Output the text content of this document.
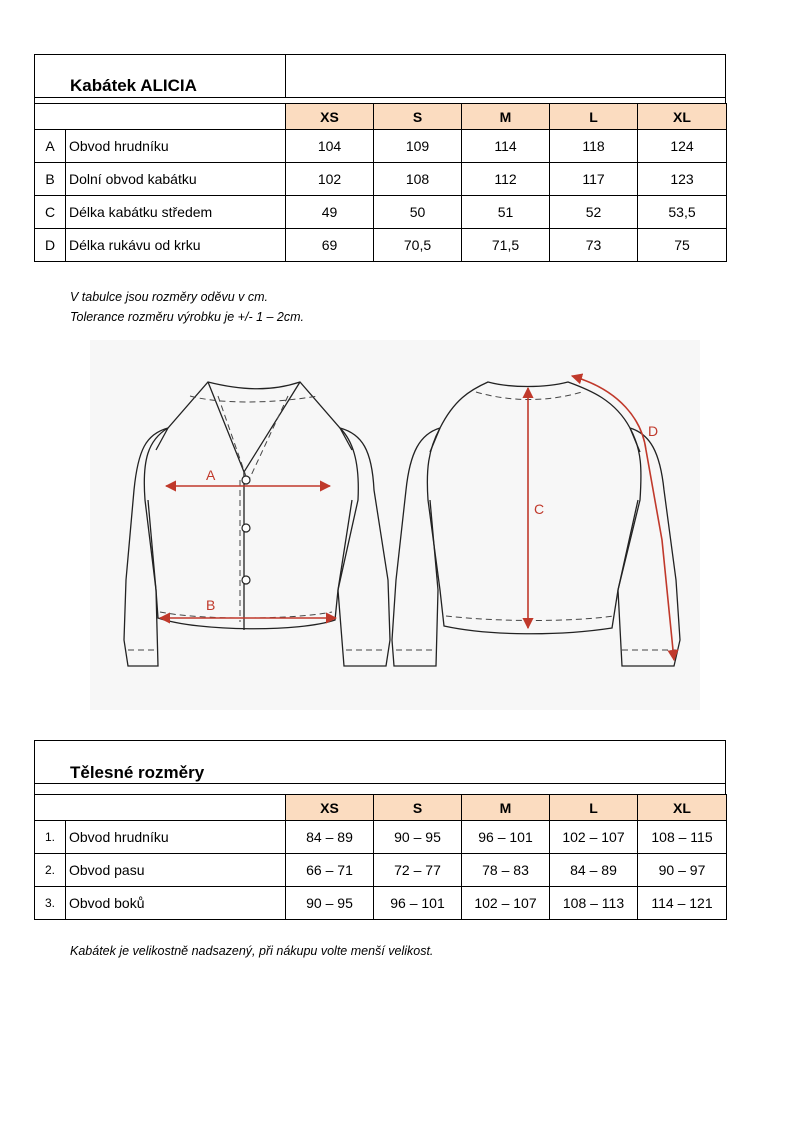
Kabátek ALICIA
		XS	S	M	L	XL
A	Obvod hrudníku	104	109	114	118	124
B	Dolní obvod kabátku	102	108	112	117	123
C	Délka kabátku středem	49	50	51	52	53,5
D	Délka rukávu od krku	69	70,5	71,5	73	75
V tabulce jsou rozměry oděvu v cm.
Tolerance rozměru výrobku je +/- 1 – 2cm.
A
B
C
D
Tělesné rozměry
		XS	S	M	L	XL
1.	Obvod hrudníku	84 – 89	90 – 95	96 – 101	102 – 107	108 – 115
2.	Obvod pasu	66 – 71	72 – 77	78 – 83	84 – 89	90 – 97
3.	Obvod boků	90 – 95	96 – 101	102 – 107	108 – 113	114 – 121
Kabátek je velikostně nadsazený, při nákupu volte menší velikost.
